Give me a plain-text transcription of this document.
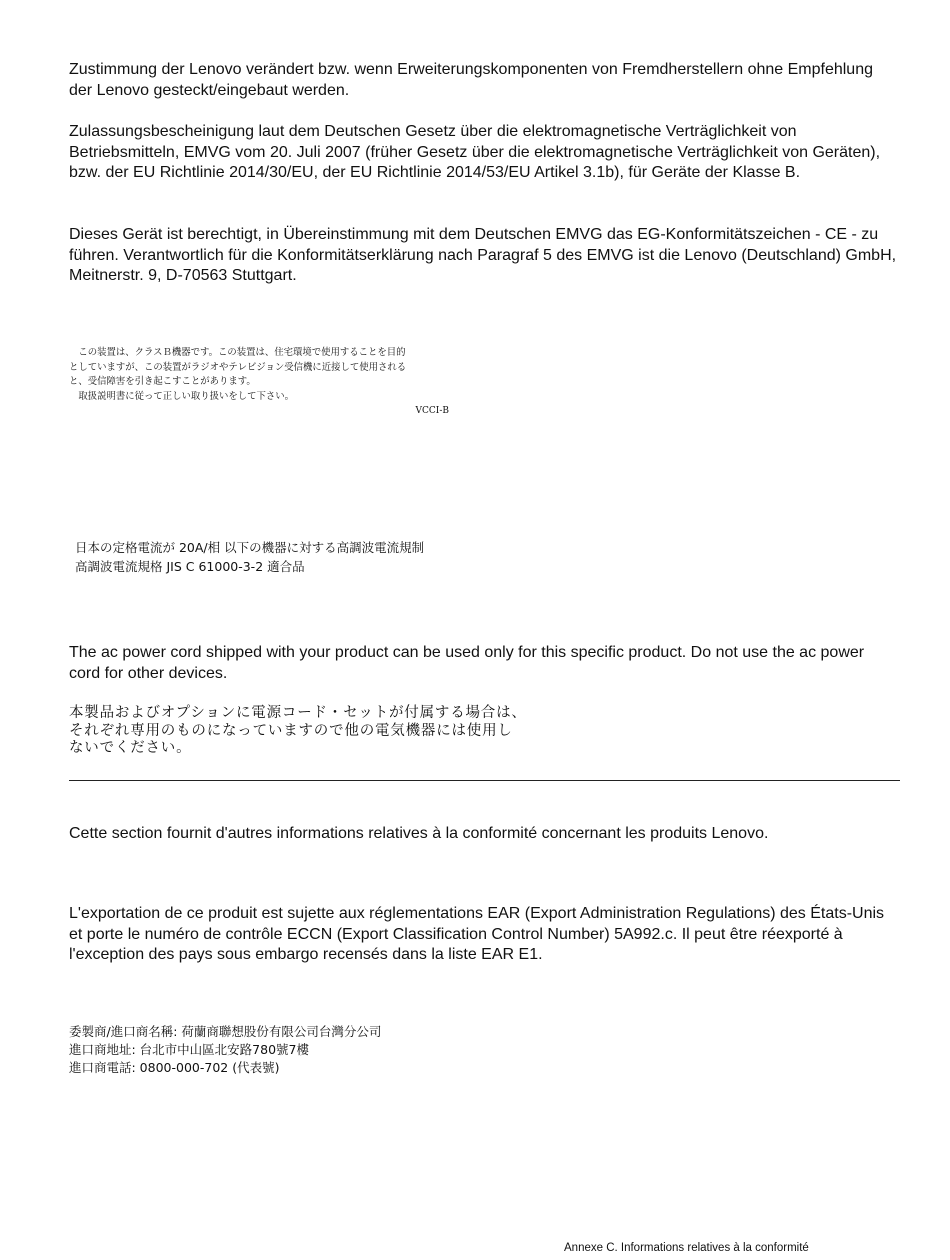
Zustimmung der Lenovo verändert bzw. wenn Erweiterungskomponenten von Fremdherstellern ohne Empfehlung der Lenovo gesteckt/eingebaut werden.

Zulassungsbescheinigung laut dem Deutschen Gesetz über die elektromagnetische Verträglichkeit von Betriebsmitteln, EMVG vom 20. Juli 2007 (früher Gesetz über die elektromagnetische Verträglichkeit von Geräten), bzw. der EU Richtlinie 2014/30/EU, der EU Richtlinie 2014/53/EU Artikel 3.1b), für Geräte der Klasse B.

Dieses Gerät ist berechtigt, in Übereinstimmung mit dem Deutschen EMVG das EG-Konformitätszeichen - CE - zu führen. Verantwortlich für die Konformitätserklärung nach Paragraf 5 des EMVG ist die Lenovo (Deutschland) GmbH, Meitnerstr. 9, D-70563 Stuttgart.

　この装置は、クラスＢ機器です。この装置は、住宅環境で使用することを目的
としていますが、この装置がラジオやテレビジョン受信機に近接して使用される
と、受信障害を引き起こすことがあります。
　取扱説明書に従って正しい取り扱いをして下さい。
VCCI-B
日本の定格電流が 20A/相 以下の機器に対する高調波電流規制
高調波電流規格 JIS C 61000-3-2 適合品

The ac power cord shipped with your product can be used only for this specific product. Do not use the ac power cord for other devices.

本製品およびオプションに電源コード・セットが付属する場合は、
それぞれ専用のものになっていますので他の電気機器には使用し
ないでください。

Cette section fournit d'autres informations relatives à la conformité concernant les produits Lenovo.

L'exportation de ce produit est sujette aux réglementations EAR (Export Administration Regulations) des États-Unis et porte le numéro de contrôle ECCN (Export Classification Control Number) 5A992.c. Il peut être réexporté à l'exception des pays sous embargo recensés dans la liste EAR E1.

委製商/進口商名稱: 荷蘭商聯想股份有限公司台灣分公司
進口商地址: 台北市中山區北安路780號7樓
進口商電話: 0800-000-702 (代表號)
Annexe C. Informations relatives à la conformité
